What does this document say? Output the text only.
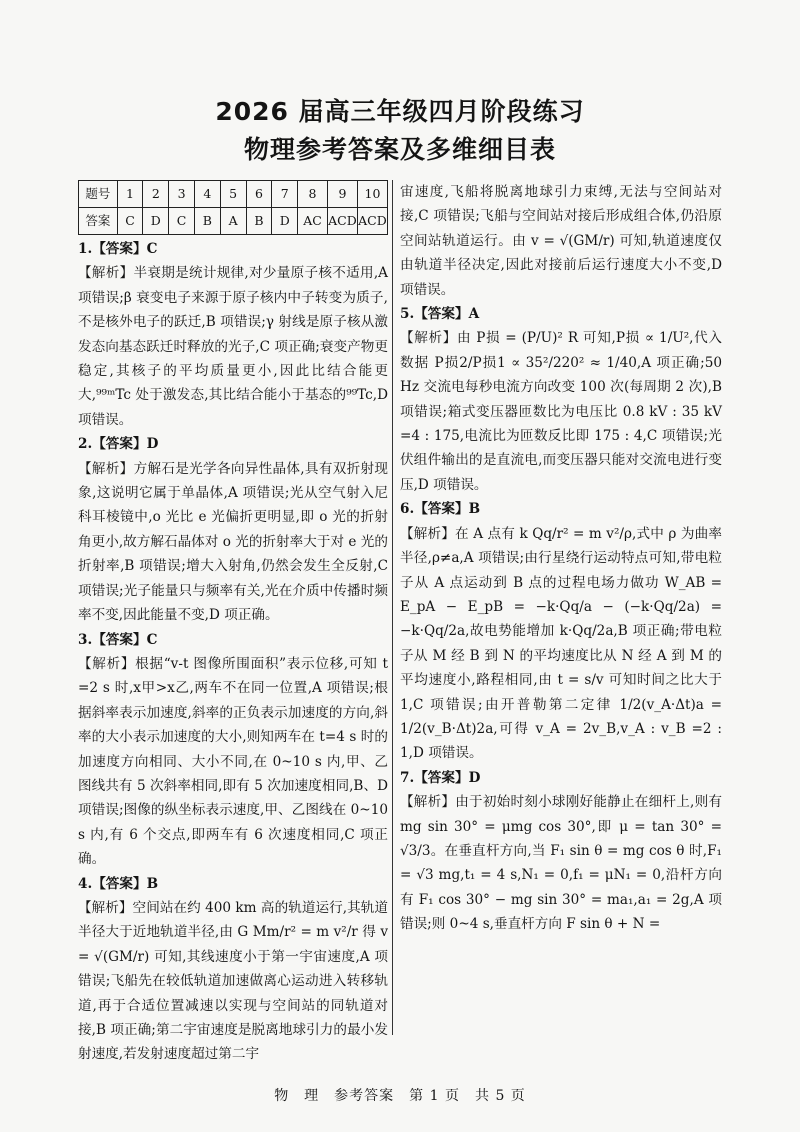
2026 届高三年级四月阶段练习
物理参考答案及多维细目表
题号	1	2	3	4	5	6	7	8	9	10
答案	C	D	C	B	A	B	D	AC	ACD	ACD

1.【答案】C

【解析】半衰期是统计规律,对少量原子核不适用,A 项错误;β 衰变电子来源于原子核内中子转变为质子,不是核外电子的跃迁,B 项错误;γ 射线是原子核从激发态向基态跃迁时释放的光子,C 项正确;衰变产物更稳定,其核子的平均质量更小,因此比结合能更大,⁹⁹ᵐTc 处于激发态,其比结合能小于基态的⁹⁹Tc,D 项错误。

2.【答案】D

【解析】方解石是光学各向异性晶体,具有双折射现象,这说明它属于单晶体,A 项错误;光从空气射入尼科耳棱镜中,o 光比 e 光偏折更明显,即 o 光的折射角更小,故方解石晶体对 o 光的折射率大于对 e 光的折射率,B 项错误;增大入射角,仍然会发生全反射,C 项错误;光子能量只与频率有关,光在介质中传播时频率不变,因此能量不变,D 项正确。

3.【答案】C

【解析】根据“v-t 图像所围面积”表示位移,可知 t =2 s 时,x甲>x乙,两车不在同一位置,A 项错误;根据斜率表示加速度,斜率的正负表示加速度的方向,斜率的大小表示加速度的大小,则知两车在 t=4 s 时的加速度方向相同、大小不同,在 0~10 s 内,甲、乙图线共有 5 次斜率相同,即有 5 次加速度相同,B、D 项错误;图像的纵坐标表示速度,甲、乙图线在 0~10 s 内,有 6 个交点,即两车有 6 次速度相同,C 项正确。

4.【答案】B

【解析】空间站在约 400 km 高的轨道运行,其轨道半径大于近地轨道半径,由 G Mm/r² = m v²/r 得 v = √(GM/r) 可知,其线速度小于第一宇宙速度,A 项错误;飞船先在较低轨道加速做离心运动进入转移轨道,再于合适位置减速以实现与空间站的同轨道对接,B 项正确;第二宇宙速度是脱离地球引力的最小发射速度,若发射速度超过第二宇

宙速度,飞船将脱离地球引力束缚,无法与空间站对接,C 项错误;飞船与空间站对接后形成组合体,仍沿原空间站轨道运行。由 v = √(GM/r) 可知,轨道速度仅由轨道半径决定,因此对接前后运行速度大小不变,D 项错误。

5.【答案】A

【解析】由 P损 = (P/U)² R 可知,P损 ∝ 1/U²,代入数据 P损2/P损1 ∝ 35²/220² ≈ 1/40,A 项正确;50 Hz 交流电每秒电流方向改变 100 次(每周期 2 次),B 项错误;箱式变压器匝数比为电压比 0.8 kV : 35 kV =4 : 175,电流比为匝数反比即 175 : 4,C 项错误;光伏组件输出的是直流电,而变压器只能对交流电进行变压,D 项错误。

6.【答案】B

【解析】在 A 点有 k Qq/r² = m v²/ρ,式中 ρ 为曲率半径,ρ≠a,A 项错误;由行星绕行运动特点可知,带电粒子从 A 点运动到 B 点的过程电场力做功 W_AB = E_pA − E_pB = −k·Qq/a − (−k·Qq/2a) = −k·Qq/2a,故电势能增加 k·Qq/2a,B 项正确;带电粒子从 M 经 B 到 N 的平均速度比从 N 经 A 到 M 的平均速度小,路程相同,由 t = s/v 可知时间之比大于 1,C 项错误;由开普勒第二定律 1/2(v_A·Δt)a = 1/2(v_B·Δt)2a,可得 v_A = 2v_B,v_A : v_B =2 : 1,D 项错误。

7.【答案】D

【解析】由于初始时刻小球刚好能静止在细杆上,则有 mg sin 30° = μmg cos 30°,即 μ = tan 30° = √3/3。在垂直杆方向,当 F₁ sin θ = mg cos θ 时,F₁ = √3 mg,t₁ = 4 s,N₁ = 0,f₁ = μN₁ = 0,沿杆方向有 F₁ cos 30° − mg sin 30° = ma₁,a₁ = 2g,A 项错误;则 0~4 s,垂直杆方向 F sin θ + N =

物　理　参考答案　第 1 页　共 5 页
